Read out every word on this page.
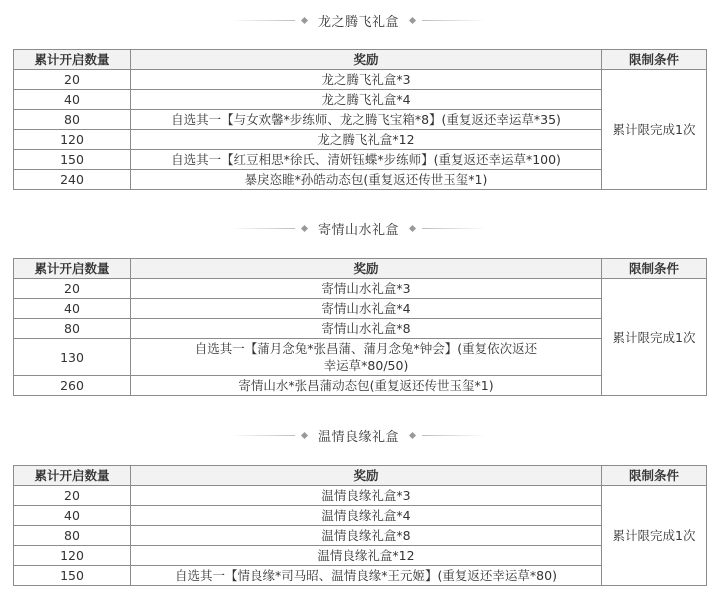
龙之腾飞礼盒
累计开启数量	奖励	限制条件
20	龙之腾飞礼盒*3	累计限完成1次
40	龙之腾飞礼盒*4	
80	自选其一【与女欢馨*步练师、龙之腾飞宝箱*8】(重复返还幸运草*35)	
120	龙之腾飞礼盒*12	
150	自选其一【红豆相思*徐氏、清妍钰蝶*步练师】(重复返还幸运草*100)	
240	暴戾恣睢*孙皓动态包(重复返还传世玉玺*1)	
寄情山水礼盒
累计开启数量	奖励	限制条件
20	寄情山水礼盒*3	累计限完成1次
40	寄情山水礼盒*4	
80	寄情山水礼盒*8	
130	自选其一【蒲月念兔*张昌蒲、蒲月念兔*钟会】(重复依次返还幸运草*80/50)	
260	寄情山水*张昌蒲动态包(重复返还传世玉玺*1)	
温情良缘礼盒
累计开启数量	奖励	限制条件
20	温情良缘礼盒*3	累计限完成1次
40	温情良缘礼盒*4	
80	温情良缘礼盒*8	
120	温情良缘礼盒*12	
150	自选其一【情良缘*司马昭、温情良缘*王元姬】(重复返还幸运草*80)	
